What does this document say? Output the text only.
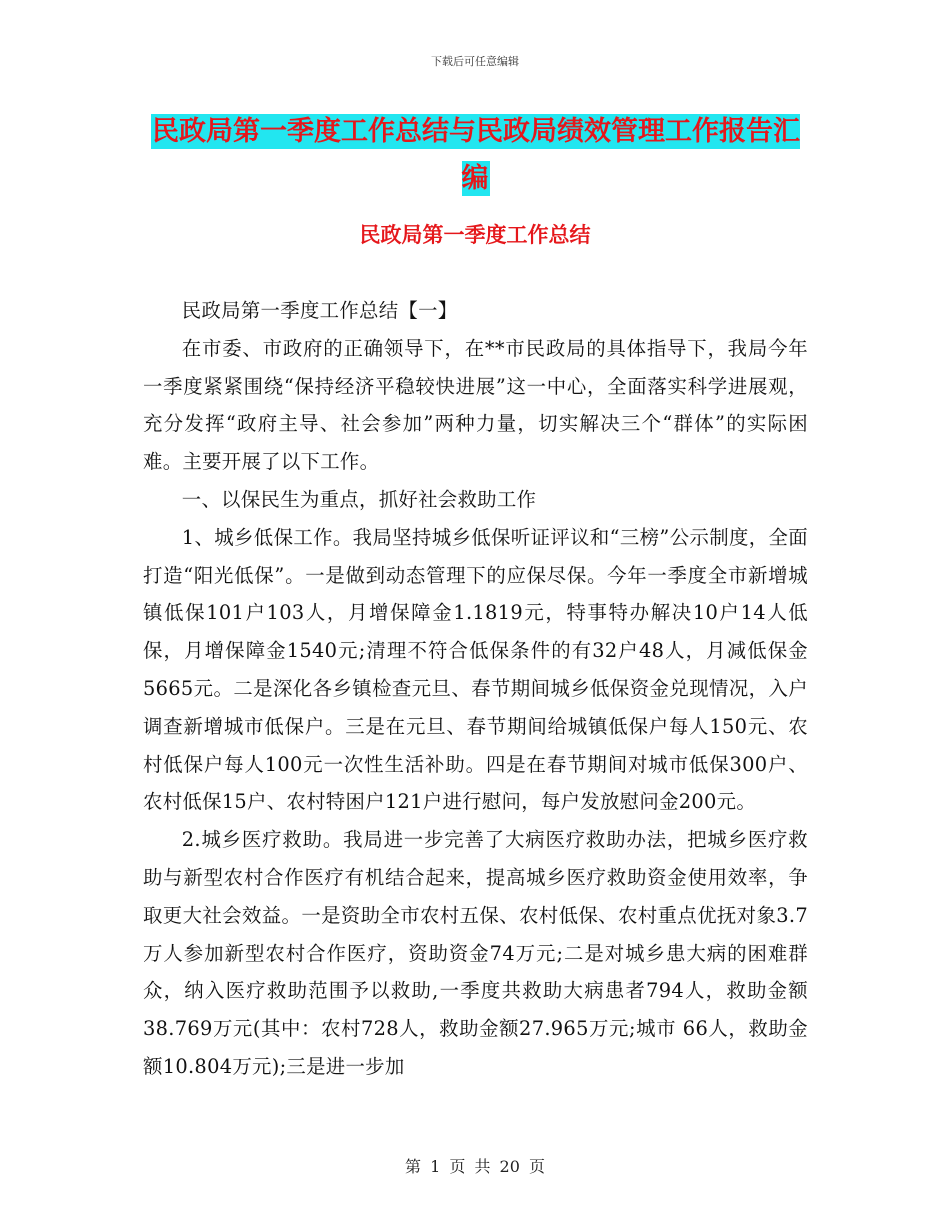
下载后可任意编辑
民政局第一季度工作总结与民政局绩效管理工作报告汇编
民政局第一季度工作总结

民政局第一季度工作总结【一】

在市委、市政府的正确领导下，在**市民政局的具体指导下，我局今年一季度紧紧围绕“保持经济平稳较快进展”这一中心，全面落实科学进展观，充分发挥“政府主导、社会参加”两种力量，切实解决三个“群体”的实际困难。主要开展了以下工作。

一、以保民生为重点，抓好社会救助工作

1、城乡低保工作。我局坚持城乡低保听证评议和“三榜”公示制度，全面打造“阳光低保”。一是做到动态管理下的应保尽保。今年一季度全市新增城镇低保101户103人，月增保障金1.1819元，特事特办解决10户14人低保，月增保障金1540元;清理不符合低保条件的有32户48人，月减低保金5665元。二是深化各乡镇检查元旦、春节期间城乡低保资金兑现情况，入户调查新增城市低保户。三是在元旦、春节期间给城镇低保户每人150元、农村低保户每人100元一次性生活补助。四是在春节期间对城市低保300户、农村低保15户、农村特困户121户进行慰问，每户发放慰问金200元。

2.城乡医疗救助。我局进一步完善了大病医疗救助办法，把城乡医疗救助与新型农村合作医疗有机结合起来，提高城乡医疗救助资金使用效率，争取更大社会效益。一是资助全市农村五保、农村低保、农村重点优抚对象3.7万人参加新型农村合作医疗，资助资金74万元;二是对城乡患大病的困难群众，纳入医疗救助范围予以救助,一季度共救助大病患者794人，救助金额38.769万元(其中：农村728人，救助金额27.965万元;城市 66人，救助金额10.804万元);三是进一步加

第 1 页 共 20 页
